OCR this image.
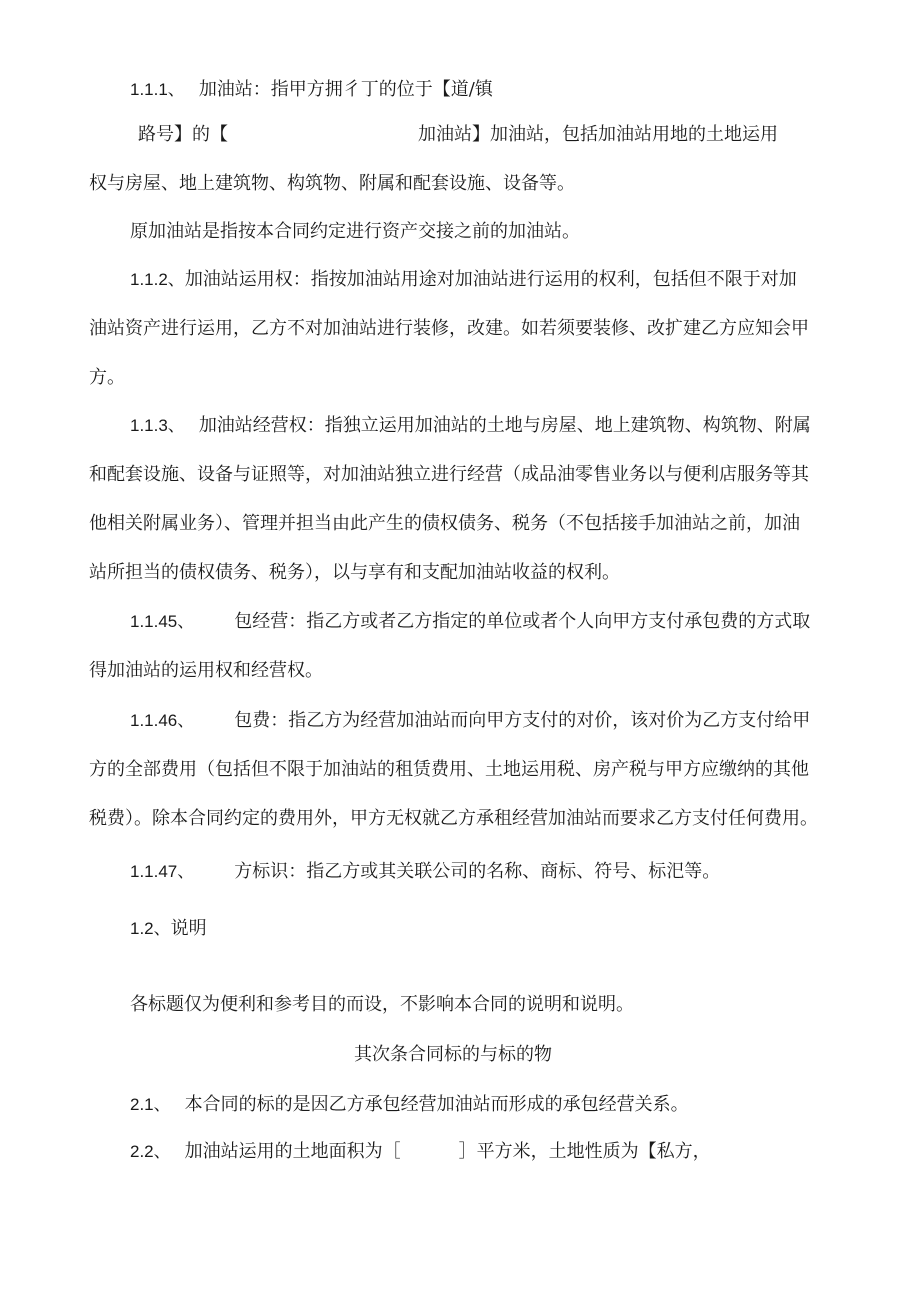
1.1.1、 加油站：指甲方拥彳丁的位于【道/镇
路号】的【	加油站】加油站，包括加油站用地的土地运用
权与房屋、地上建筑物、构筑物、附属和配套设施、设备等。
原加油站是指按本合同约定进行资产交接之前的加油站。
1.1.2、加油站运用权：指按加油站用途对加油站进行运用的权利，包括但不限于对加
油站资产进行运用，乙方不对加油站进行装修，改建。如若须要装修、改扩建乙方应知会甲
方。
1.1.3、 加油站经营权：指独立运用加油站的土地与房屋、地上建筑物、构筑物、附属
和配套设施、设备与证照等，对加油站独立进行经营（成品油零售业务以与便利店服务等其
他相关附属业务）、管理并担当由此产生的债权债务、税务（不包括接手加油站之前，加油
站所担当的债权债务、税务），以与享有和支配加油站收益的权利。
1.1.45、 包经营：指乙方或者乙方指定的单位或者个人向甲方支付承包费的方式取
得加油站的运用权和经营权。
1.1.46、 包费：指乙方为经营加油站而向甲方支付的对价，该对价为乙方支付给甲
方的全部费用（包括但不限于加油站的租赁费用、土地运用税、房产税与甲方应缴纳的其他
税费）。除本合同约定的费用外，甲方无权就乙方承租经营加油站而要求乙方支付任何费用。
1.1.47、 方标识：指乙方或其关联公司的名称、商标、符号、标汜等。
1.2、说明
各标题仅为便利和参考目的而设，不影响本合同的说明和说明。
其次条合同标的与标的物
2.1、 本合同的标的是因乙方承包经营加油站而形成的承包经营关系。
2.2、 加油站运用的土地面积为［	］平方米，土地性质为【私方，
